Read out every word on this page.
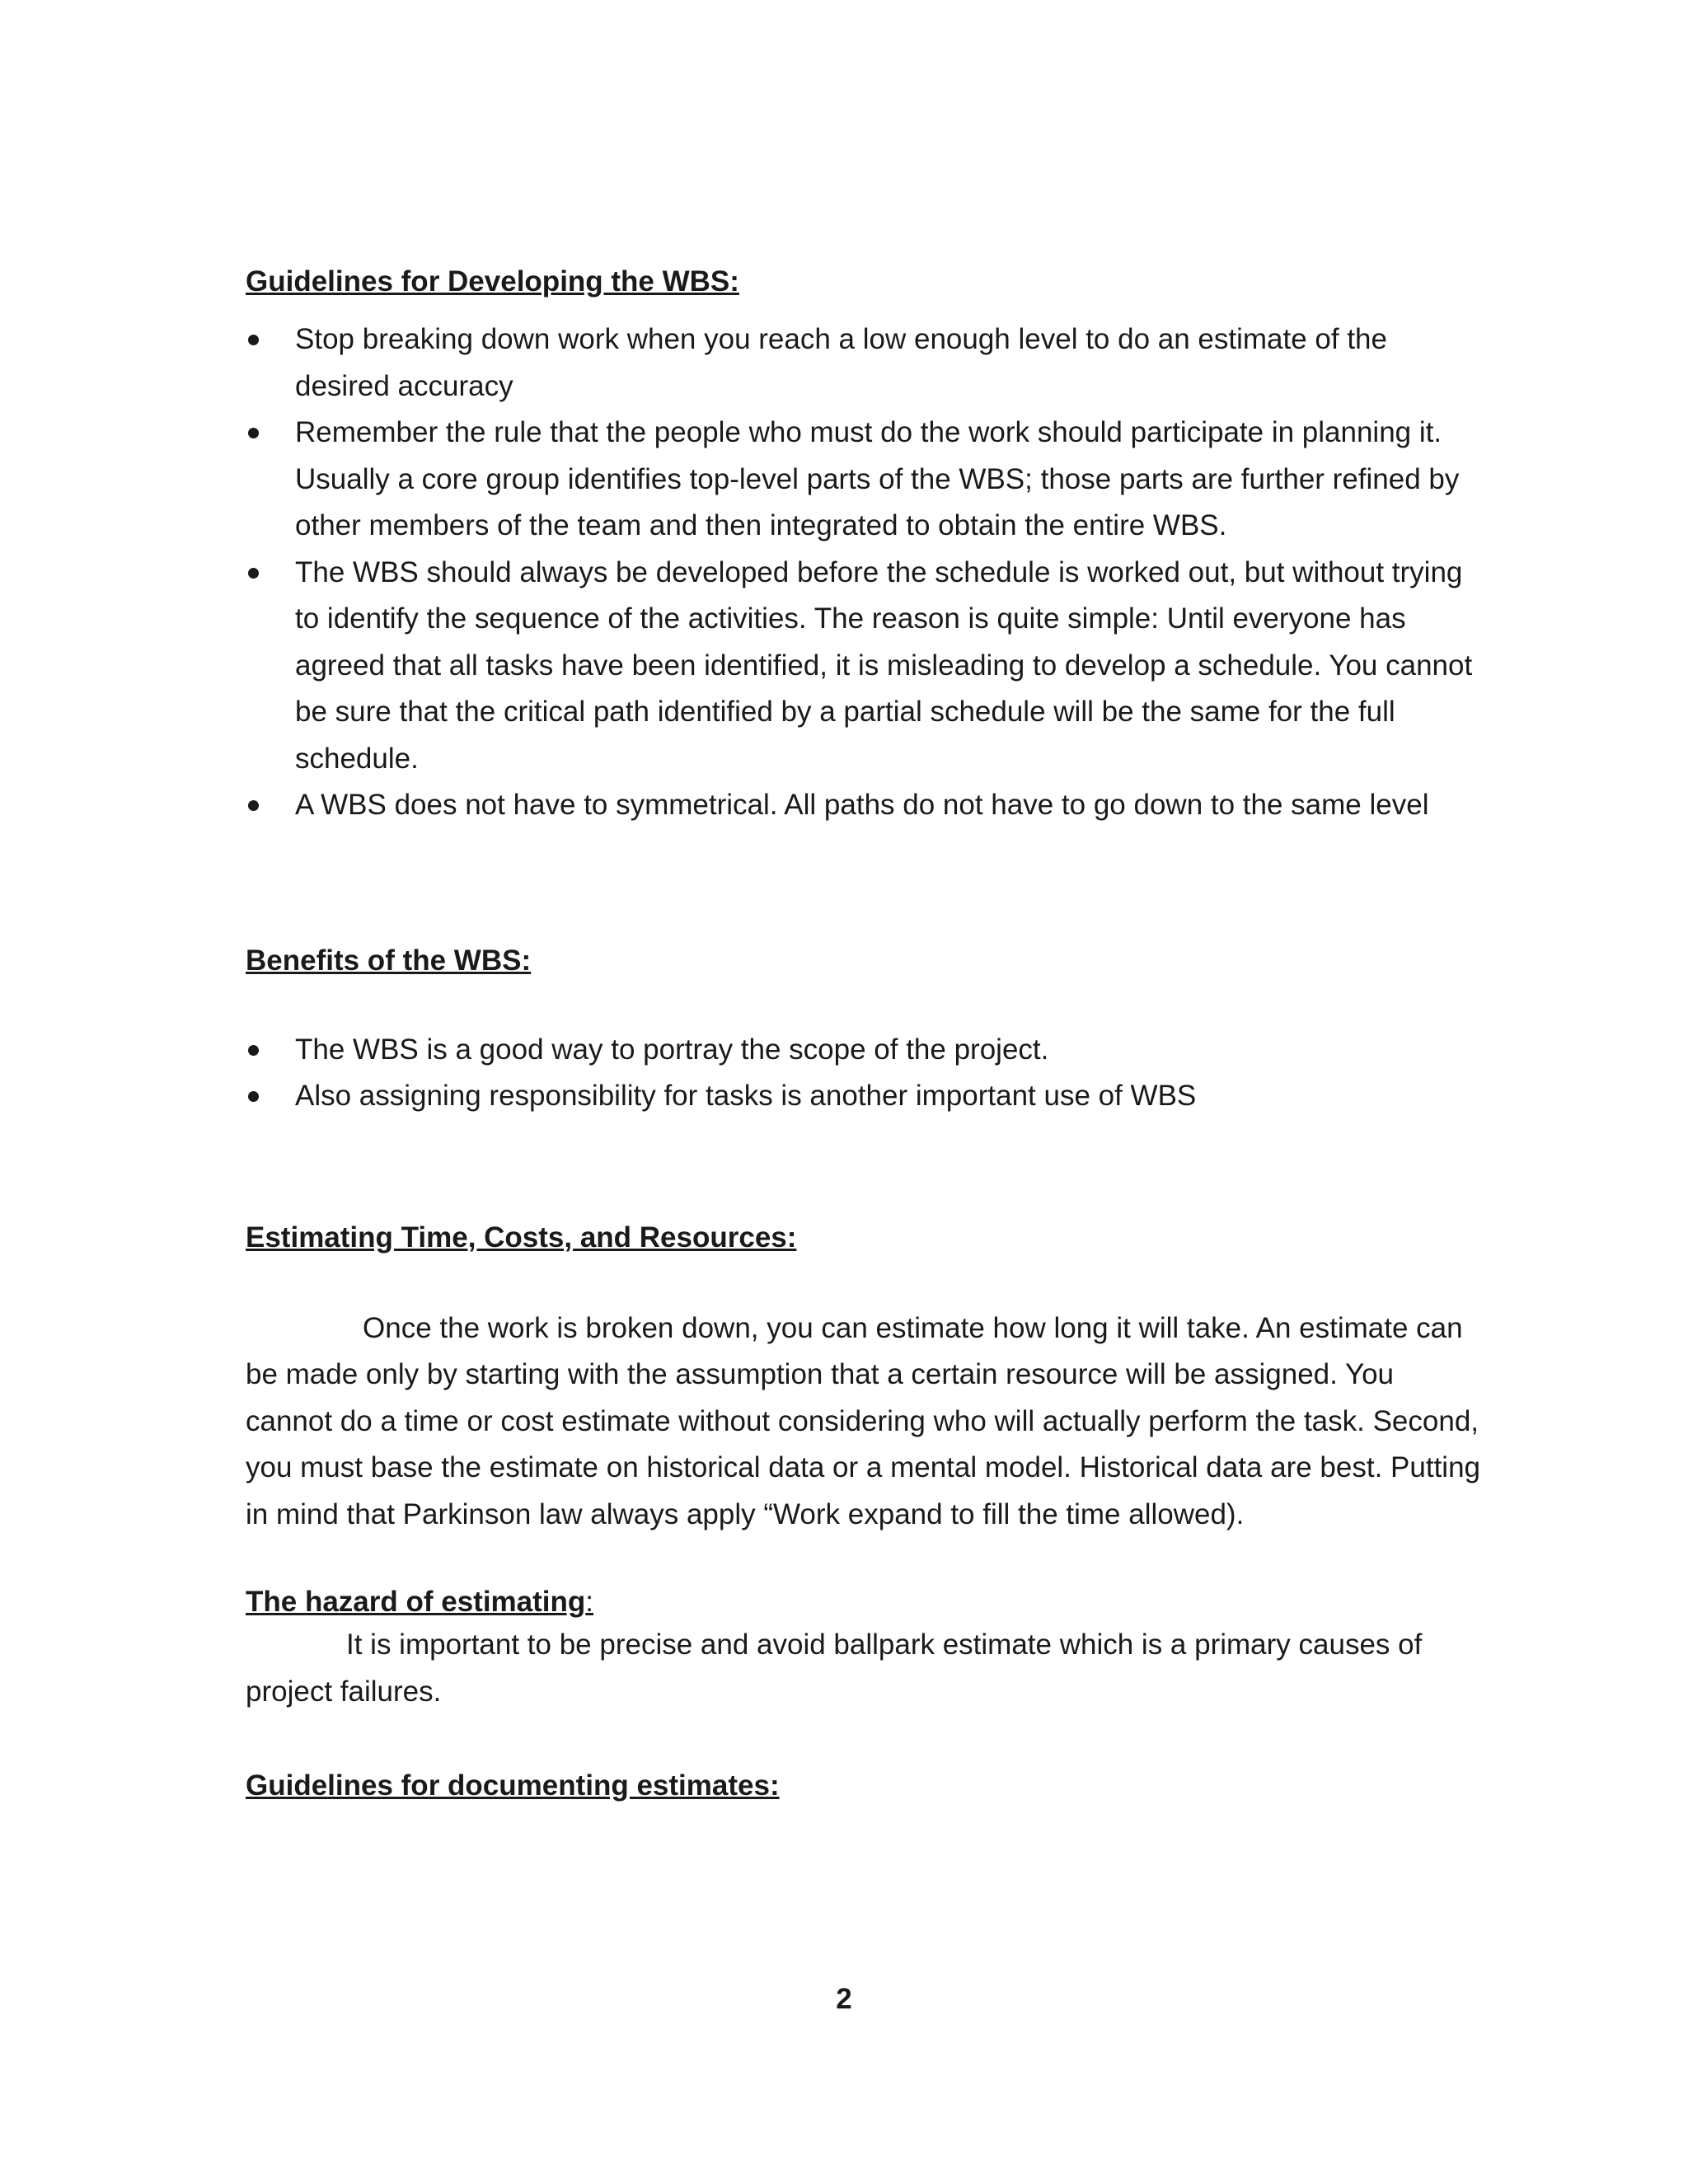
Guidelines for Developing the WBS:
Stop breaking down work when you reach a low enough level to do an estimate of the desired accuracy
Remember the rule that the people who must do the work should participate in planning it. Usually a core group identifies top-level parts of the WBS; those parts are further refined by other members of the team and then integrated to obtain the entire WBS.
The WBS should always be developed before the schedule is worked out, but without trying to identify the sequence of the activities. The reason is quite simple: Until everyone has agreed that all tasks have been identified, it is misleading to develop a schedule. You cannot be sure that the critical path identified by a partial schedule will be the same for the full schedule.
A WBS does not have to symmetrical. All paths do not have to go down to the same level
Benefits of the WBS:
The WBS is a good way to portray the scope of the project.
Also assigning responsibility for tasks is another important use of WBS
Estimating Time, Costs, and Resources:

Once the work is broken down, you can estimate how long it will take. An estimate can be made only by starting with the assumption that a certain resource will be assigned. You cannot do a time or cost estimate without considering who will actually perform the task. Second, you must base the estimate on historical data or a mental model. Historical data are best. Putting in mind that Parkinson law always apply “Work expand to fill the time allowed).

The hazard of estimating:

It is important to be precise and avoid ballpark estimate which is a primary causes of project failures.

Guidelines for documenting estimates:
2
